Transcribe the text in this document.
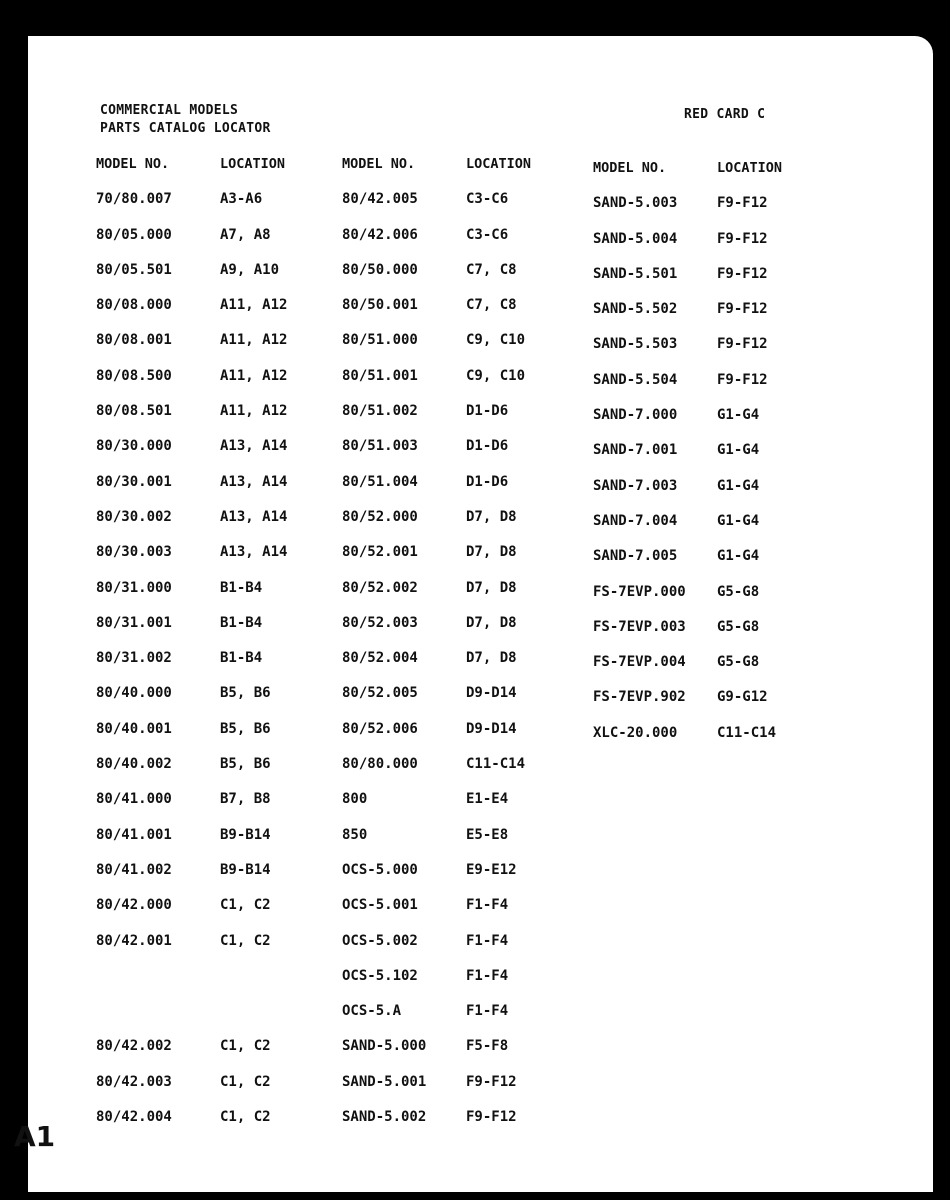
COMMERCIAL MODELS
PARTS CATALOG LOCATOR
RED CARD C
MODEL NO.	LOCATION
70/80.007	A3-A6
80/05.000	A7, A8
80/05.501	A9, A10
80/08.000	A11, A12
80/08.001	A11, A12
80/08.500	A11, A12
80/08.501	A11, A12
80/30.000	A13, A14
80/30.001	A13, A14
80/30.002	A13, A14
80/30.003	A13, A14
80/31.000	B1-B4
80/31.001	B1-B4
80/31.002	B1-B4
80/40.000	B5, B6
80/40.001	B5, B6
80/40.002	B5, B6
80/41.000	B7, B8
80/41.001	B9-B14
80/41.002	B9-B14
80/42.000	C1, C2
80/42.001	C1, C2
80/42.002	C1, C2
80/42.003	C1, C2
80/42.004	C1, C2
MODEL NO.	LOCATION
80/42.005	C3-C6
80/42.006	C3-C6
80/50.000	C7, C8
80/50.001	C7, C8
80/51.000	C9, C10
80/51.001	C9, C10
80/51.002	D1-D6
80/51.003	D1-D6
80/51.004	D1-D6
80/52.000	D7, D8
80/52.001	D7, D8
80/52.002	D7, D8
80/52.003	D7, D8
80/52.004	D7, D8
80/52.005	D9-D14
80/52.006	D9-D14
80/80.000	C11-C14
800	E1-E4
850	E5-E8
OCS-5.000	E9-E12
OCS-5.001	F1-F4
OCS-5.002	F1-F4
OCS-5.102	F1-F4
OCS-5.A	F1-F4
SAND-5.000	F5-F8
SAND-5.001	F9-F12
SAND-5.002	F9-F12
MODEL NO.	LOCATION
SAND-5.003	F9-F12
SAND-5.004	F9-F12
SAND-5.501	F9-F12
SAND-5.502	F9-F12
SAND-5.503	F9-F12
SAND-5.504	F9-F12
SAND-7.000	G1-G4
SAND-7.001	G1-G4
SAND-7.003	G1-G4
SAND-7.004	G1-G4
SAND-7.005	G1-G4
FS-7EVP.000 G5-G8
FS-7EVP.003 G5-G8
FS-7EVP.004 G5-G8
FS-7EVP.902 G9-G12
XLC-20.000	C11-C14
A1
